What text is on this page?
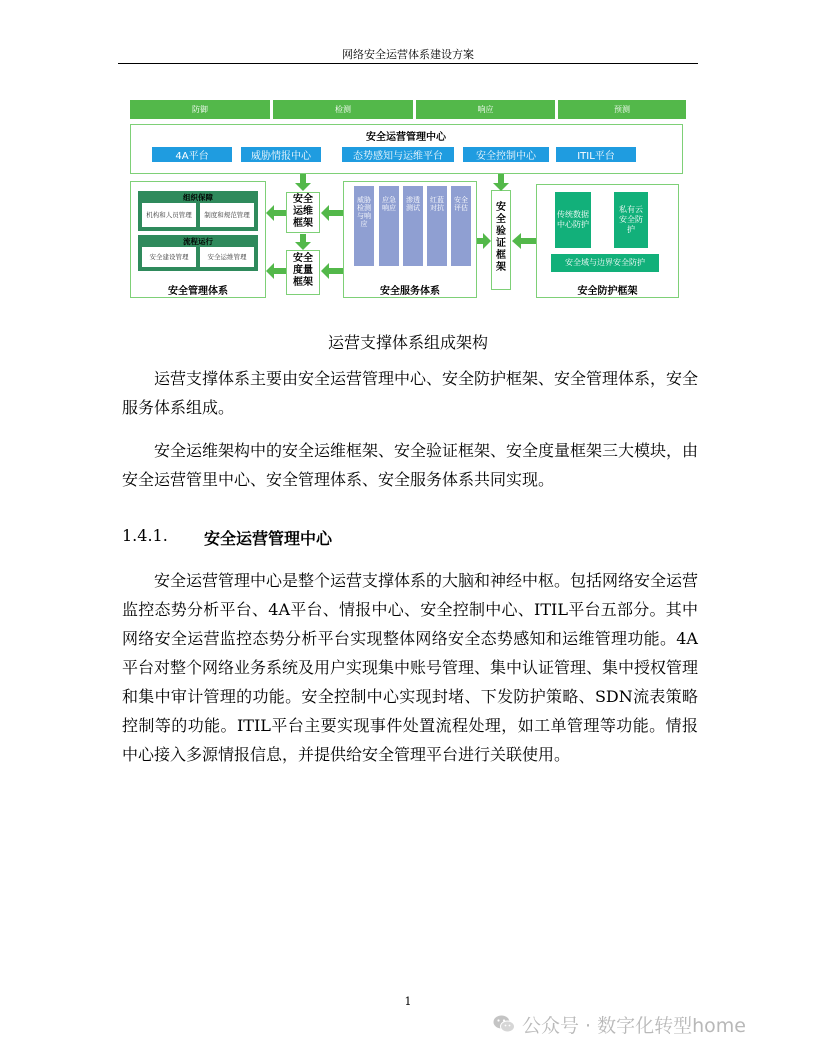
网络安全运营体系建设方案
防御	检测	响应	预测
安全运营管理中心
4A平台	威胁情报中心	态势感知与运维平台	安全控制中心	ITIL平台
组织保障
机构和人员管理	制度和规范管理
流程运行
安全建设管理	安全运维管理
安全管理体系
安全运维框架
安全度量框架
威胁检测与响应
应急响应
渗透测试
红蓝对抗
安全评估
安全服务体系
安全验证框架
传统数据中心防护
私有云安全防护
安全域与边界安全防护
安全防护框架
运营支撑体系组成架构

运营支撑体系主要由安全运营管理中心、安全防护框架、安全管理体系，安全服务体系组成。

安全运维架构中的安全运维框架、安全验证框架、安全度量框架三大模块，由安全运营管里中心、安全管理体系、安全服务体系共同实现。

1.4.1.	安全运营管理中心

安全运营管理中心是整个运营支撑体系的大脑和神经中枢。包括网络安全运营监控态势分析平台、4A平台、情报中心、安全控制中心、ITIL平台五部分。其中网络安全运营监控态势分析平台实现整体网络安全态势感知和运维管理功能。4A平台对整个网络业务系统及用户实现集中账号管理、集中认证管理、集中授权管理和集中审计管理的功能。安全控制中心实现封堵、下发防护策略、SDN流表策略控制等的功能。ITIL平台主要实现事件处置流程处理，如工单管理等功能。情报中心接入多源情报信息，并提供给安全管理平台进行关联使用。

1
公众号 · 数字化转型home
